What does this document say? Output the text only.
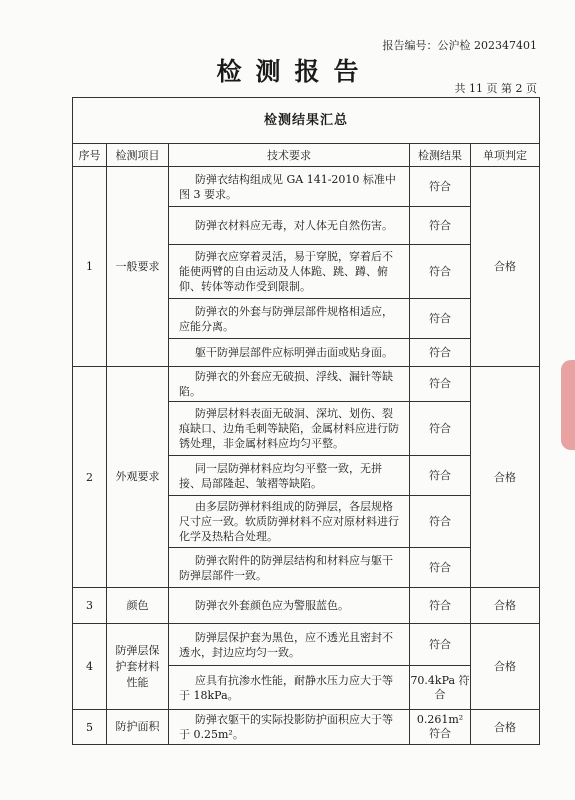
报告编号：公沪检 202347401
检测报告
共 11 页 第 2 页
检测结果汇总				
序号	检测项目	技术要求	检测结果	单项判定
1	一般要求	防弹衣结构组成见 GA 141-2010 标准中图 3 要求。	符合	合格
		防弹衣材料应无毒，对人体无自然伤害。	符合	
		防弹衣应穿着灵活，易于穿脱，穿着后不能使两臂的自由运动及人体跪、跳、蹲、俯仰、转体等动作受到限制。	符合	
		防弹衣的外套与防弹层部件规格相适应，应能分离。	符合	
		躯干防弹层部件应标明弹击面或贴身面。	符合	
2	外观要求	防弹衣的外套应无破损、浮线、漏针等缺陷。	符合	合格
		防弹层材料表面无破洞、深坑、划伤、裂痕缺口、边角毛刺等缺陷，金属材料应进行防锈处理，非金属材料应均匀平整。	符合	
		同一层防弹材料应均匀平整一致，无拼接、局部隆起、皱褶等缺陷。	符合	
		由多层防弹材料组成的防弹层，各层规格尺寸应一致。软质防弹材料不应对原材料进行化学及热粘合处理。	符合	
		防弹衣附件的防弹层结构和材料应与躯干防弹层部件一致。	符合	
3	颜色	防弹衣外套颜色应为警服蓝色。	符合	合格
4	防弹层保护套材料性能	防弹层保护套为黑色，应不透光且密封不透水，封边应均匀一致。	符合	合格
		应具有抗渗水性能，耐静水压力应大于等于 18kPa。	70.4kPa 符合	
5	防护面积	防弹衣躯干的实际投影防护面积应大于等于 0.25m²。	0.261m² 符合	合格
